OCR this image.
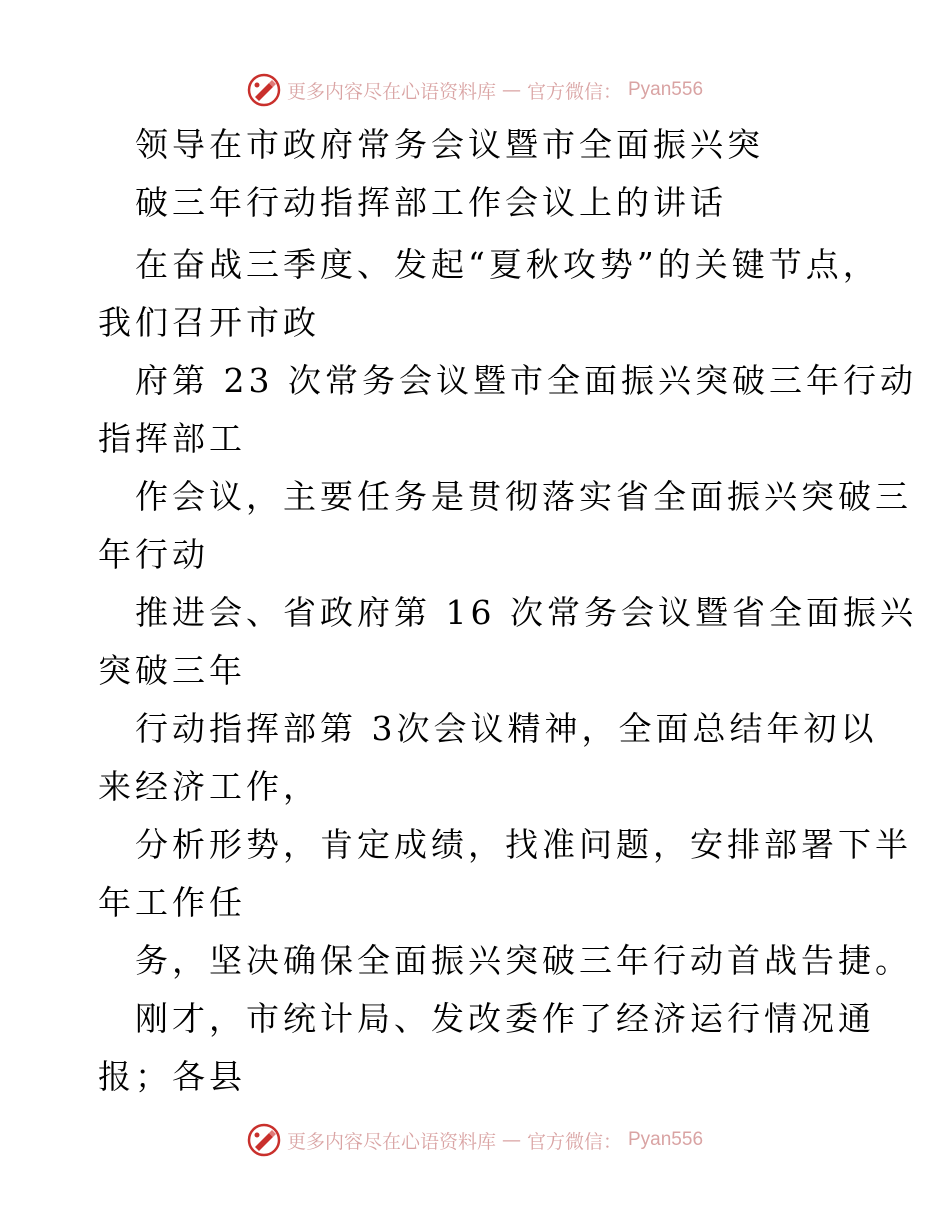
更多内容尽在心语资料库 — 官方微信： Pyan556
领导在市政府常务会议暨市全面振兴突
破三年行动指挥部工作会议上的讲话
在奋战三季度、发起“夏秋攻势”的关键节点，
我们召开市政
府第 23 次常务会议暨市全面振兴突破三年行动
指挥部工
作会议，主要任务是贯彻落实省全面振兴突破三
年行动
推进会、省政府第 16 次常务会议暨省全面振兴
突破三年
行动指挥部第 3次会议精神，全面总结年初以
来经济工作，
分析形势，肯定成绩，找准问题，安排部署下半
年工作任
务，坚决确保全面振兴突破三年行动首战告捷。
刚才，市统计局、发改委作了经济运行情况通
报；各县
更多内容尽在心语资料库 — 官方微信： Pyan556
